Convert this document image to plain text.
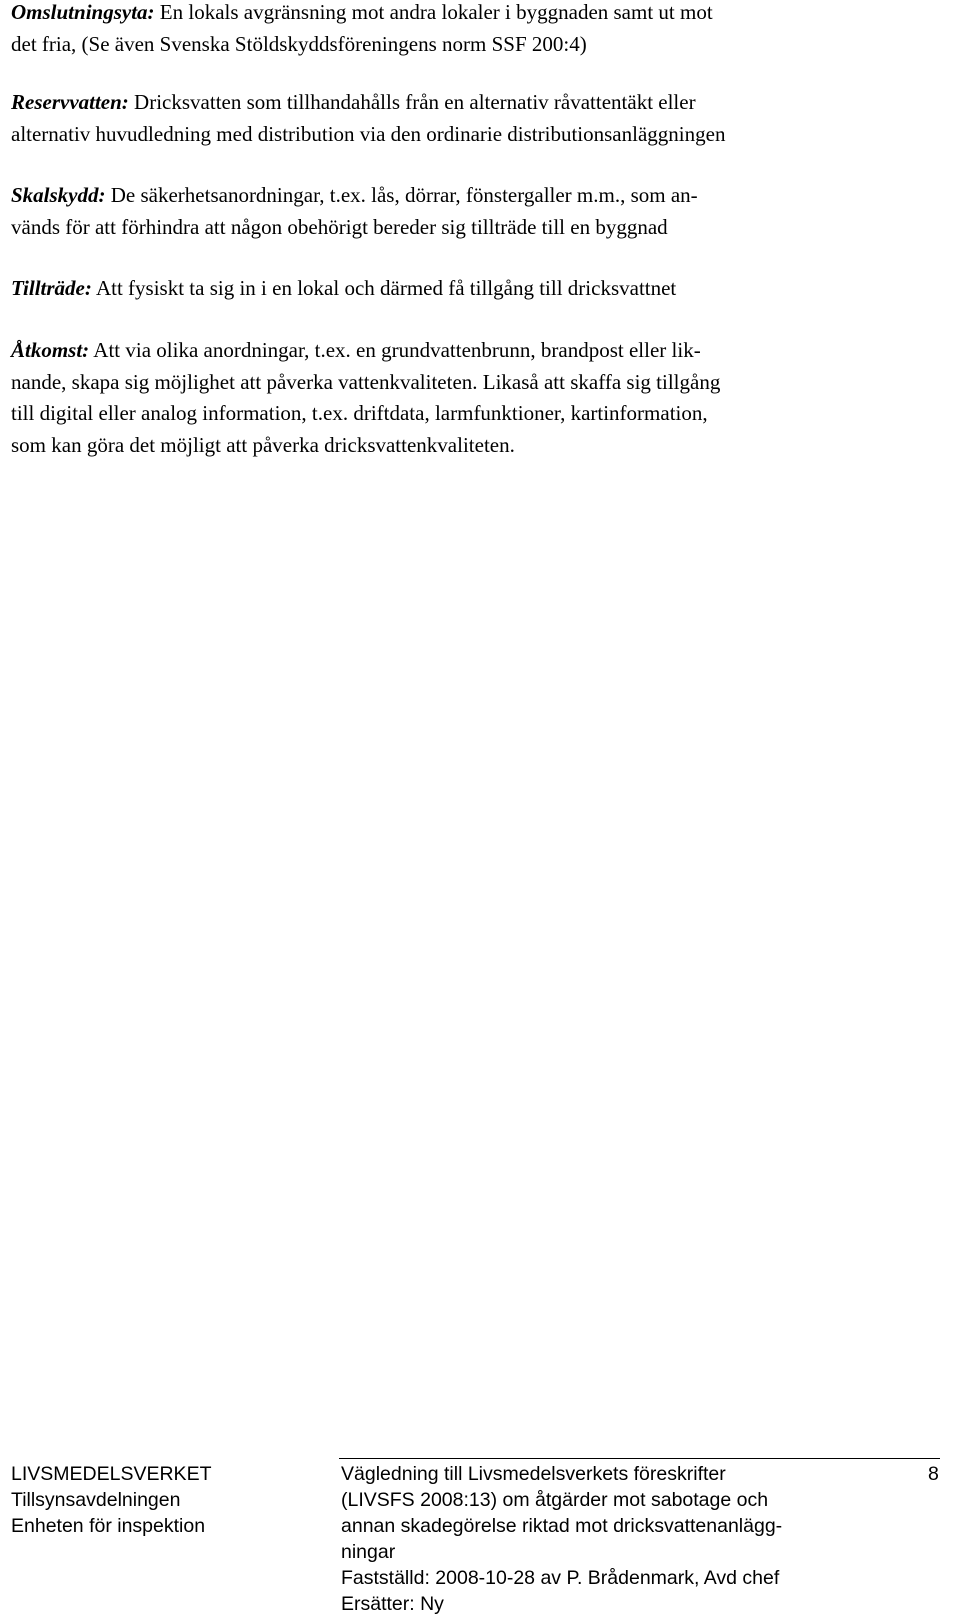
Omslutningsyta: En lokals avgränsning mot andra lokaler i byggnaden samt ut mot
det fria, (Se även Svenska Stöldskyddsföreningens norm SSF 200:4)

Reservvatten: Dricksvatten som tillhandahålls från en alternativ råvattentäkt eller
alternativ huvudledning med distribution via den ordinarie distributionsanläggningen

Skalskydd: De säkerhetsanordningar, t.ex. lås, dörrar, fönstergaller m.m., som an-
vänds för att förhindra att någon obehörigt bereder sig tillträde till en byggnad

Tillträde: Att fysiskt ta sig in i en lokal och därmed få tillgång till dricksvattnet

Åtkomst: Att via olika anordningar, t.ex. en grundvattenbrunn, brandpost eller lik-
nande, skapa sig möjlighet att påverka vattenkvaliteten. Likaså att skaffa sig tillgång
till digital eller analog information, t.ex. driftdata, larmfunktioner, kartinformation,
som kan göra det möjligt att påverka dricksvattenkvaliteten.

LIVSMEDELSVERKET
Tillsynsavdelningen
Enheten för inspektion
Vägledning till Livsmedelsverkets föreskrifter
(LIVSFS 2008:13) om åtgärder mot sabotage och
annan skadegörelse riktad mot dricksvattenanlägg-
ningar
Fastställd: 2008-10-28 av P. Brådenmark, Avd chef
Ersätter: Ny
8
